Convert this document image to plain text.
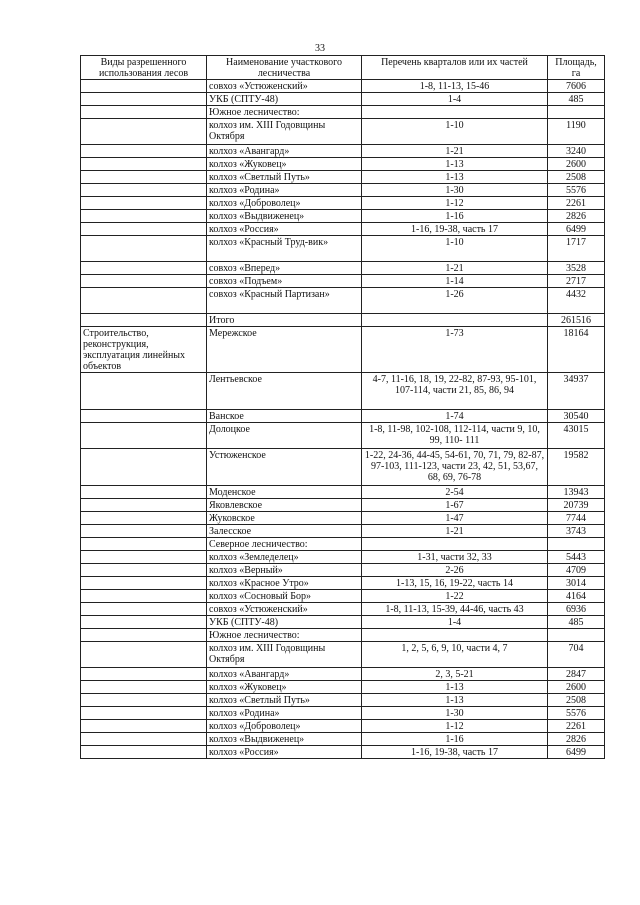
33
Виды разрешенного использования лесов	Наименование участкового лесничества	Перечень кварталов или их частей	Площадь, га
	совхоз «Устюженский»	1-8, 11-13, 15-46	7606
	УКБ (СПТУ-48)	1-4	485
	Южное лесничество:		
	колхоз им. XIII Годовщины Октября	1-10	1190
	колхоз «Авангард»	1-21	3240
	колхоз «Жуковец»	1-13	2600
	колхоз «Светлый Путь»	1-13	2508
	колхоз «Родина»	1-30	5576
	колхоз «Доброволец»	1-12	2261
	колхоз «Выдвиженец»	1-16	2826
	колхоз «Россия»	1-16, 19-38, часть 17	6499
	колхоз «Красный Труд-вик»	1-10	1717
	совхоз «Вперед»	1-21	3528
	совхоз «Подъем»	1-14	2717
	совхоз «Красный Партизан»	1-26	4432
	Итого		261516
Строительство, реконструкция, эксплуатация линейных объектов	Мережское	1-73	18164
	Лентьевское	4-7, 11-16, 18, 19, 22-82, 87-93, 95-101, 107-114, части 21, 85, 86, 94	34937
	Ванское	1-74	30540
	Долоцкое	1-8, 11-98, 102-108, 112-114, части 9, 10, 99, 110- 111	43015
	Устюженское	1-22, 24-36, 44-45, 54-61, 70, 71, 79, 82-87, 97-103, 111-123, части 23, 42, 51, 53,67, 68, 69, 76-78	19582
	Моденское	2-54	13943
	Яковлевское	1-67	20739
	Жуковское	1-47	7744
	Залесское	1-21	3743
	Северное лесничество:		
	колхоз «Земледелец»	1-31, части 32, 33	5443
	колхоз «Верный»	2-26	4709
	колхоз «Красное Утро»	1-13, 15, 16, 19-22, часть 14	3014
	колхоз «Сосновый Бор»	1-22	4164
	совхоз «Устюженский»	1-8, 11-13, 15-39, 44-46, часть 43	6936
	УКБ (СПТУ-48)	1-4	485
	Южное лесничество:		
	колхоз им. XIII Годовщины Октября	1, 2, 5, 6, 9, 10, части 4, 7	704
	колхоз «Авангард»	2, 3, 5-21	2847
	колхоз «Жуковец»	1-13	2600
	колхоз «Светлый Путь»	1-13	2508
	колхоз «Родина»	1-30	5576
	колхоз «Доброволец»	1-12	2261
	колхоз «Выдвиженец»	1-16	2826
	колхоз «Россия»	1-16, 19-38, часть 17	6499
